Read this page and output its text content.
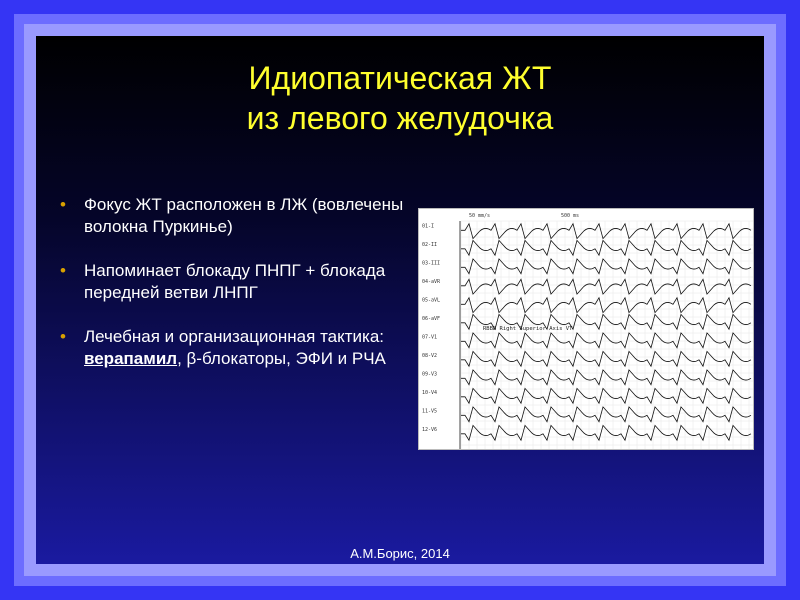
Идиопатическая ЖТ
из левого желудочка
• Фокус ЖТ расположен в ЛЖ (вовлечены волокна Пуркинье)
• Напоминает блокаду ПНПГ + блокада передней ветви ЛНПГ
• Лечебная и организационная тактика: верапамил, β-блокаторы, ЭФИ и РЧА
50 mm/s	500 ms
01-I
02-II
03-III
04-aVR
05-aVL
06-aVF
07-V1
08-V2
09-V3
10-V4
11-V5
12-V6
RBBB Right Superior Axis VT
А.М.Борис, 2014
